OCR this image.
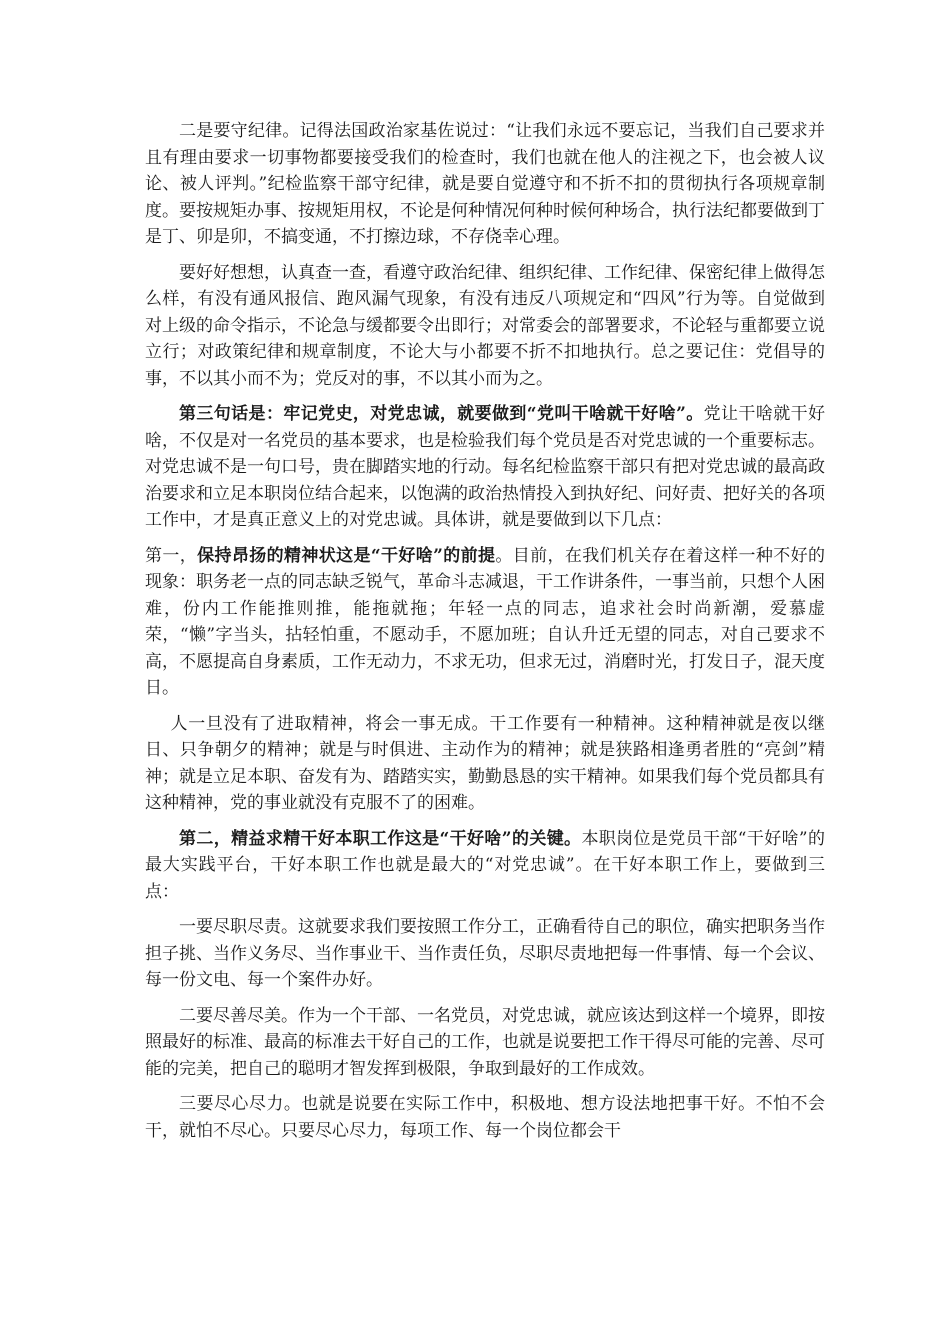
二是要守纪律。记得法国政治家基佐说过：“让我们永远不要忘记，当我们自己要求并且有理由要求一切事物都要接受我们的检查时，我们也就在他人的注视之下，也会被人议论、被人评判。”纪检监察干部守纪律，就是要自觉遵守和不折不扣的贯彻执行各项规章制度。要按规矩办事、按规矩用权，不论是何种情况何种时候何种场合，执行法纪都要做到丁是丁、卯是卯，不搞变通，不打擦边球，不存侥幸心理。

要好好想想，认真查一查，看遵守政治纪律、组织纪律、工作纪律、保密纪律上做得怎么样，有没有通风报信、跑风漏气现象，有没有违反八项规定和“四风”行为等。自觉做到对上级的命令指示，不论急与缓都要令出即行；对常委会的部署要求，不论轻与重都要立说立行；对政策纪律和规章制度，不论大与小都要不折不扣地执行。总之要记住：党倡导的事，不以其小而不为；党反对的事，不以其小而为之。

第三句话是：牢记党史，对党忠诚，就要做到“党叫干啥就干好啥”。党让干啥就干好啥，不仅是对一名党员的基本要求，也是检验我们每个党员是否对党忠诚的一个重要标志。对党忠诚不是一句口号，贵在脚踏实地的行动。每名纪检监察干部只有把对党忠诚的最高政治要求和立足本职岗位结合起来，以饱满的政治热情投入到执好纪、问好责、把好关的各项工作中，才是真正意义上的对党忠诚。具体讲，就是要做到以下几点：

第一，保持昂扬的精神状这是“干好啥”的前提。目前，在我们机关存在着这样一种不好的现象：职务老一点的同志缺乏锐气，革命斗志减退，干工作讲条件，一事当前，只想个人困难，份内工作能推则推，能拖就拖；年轻一点的同志，追求社会时尚新潮，爱慕虚荣，“懒”字当头，拈轻怕重，不愿动手，不愿加班；自认升迁无望的同志，对自己要求不高，不愿提高自身素质，工作无动力，不求无功，但求无过，消磨时光，打发日子，混天度日。

人一旦没有了进取精神，将会一事无成。干工作要有一种精神。这种精神就是夜以继日、只争朝夕的精神；就是与时俱进、主动作为的精神；就是狭路相逢勇者胜的“亮剑”精神；就是立足本职、奋发有为、踏踏实实，勤勤恳恳的实干精神。如果我们每个党员都具有这种精神，党的事业就没有克服不了的困难。

第二，精益求精干好本职工作这是“干好啥”的关键。本职岗位是党员干部“干好啥”的最大实践平台，干好本职工作也就是最大的“对党忠诚”。在干好本职工作上，要做到三点：

一要尽职尽责。这就要求我们要按照工作分工，正确看待自己的职位，确实把职务当作担子挑、当作义务尽、当作事业干、当作责任负，尽职尽责地把每一件事情、每一个会议、每一份文电、每一个案件办好。

二要尽善尽美。作为一个干部、一名党员，对党忠诚，就应该达到这样一个境界，即按照最好的标准、最高的标准去干好自己的工作，也就是说要把工作干得尽可能的完善、尽可能的完美，把自己的聪明才智发挥到极限，争取到最好的工作成效。

三要尽心尽力。也就是说要在实际工作中，积极地、想方设法地把事干好。不怕不会干，就怕不尽心。只要尽心尽力，每项工作、每一个岗位都会干
